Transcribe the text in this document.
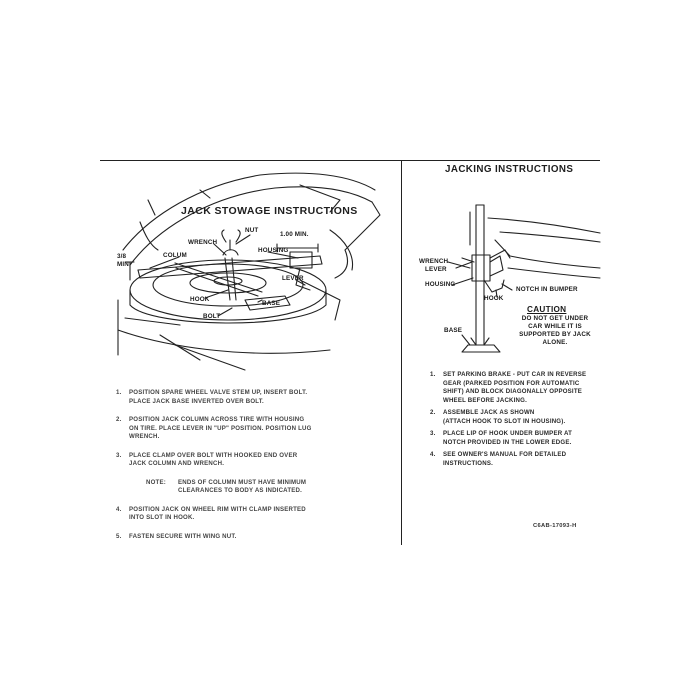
JACK STOWAGE INSTRUCTIONS
NUT
1.00 MIN.
WRENCH
HOUSING
3/8
MIN.
COLUM
LEVER
HOOK
BASE
BOLT
1.	POSITION SPARE WHEEL VALVE STEM UP, INSERT BOLT.
PLACE JACK BASE INVERTED OVER BOLT.
2.	POSITION JACK COLUMN ACROSS TIRE WITH HOUSING
ON TIRE. PLACE LEVER IN "UP" POSITION. POSITION LUG
WRENCH.
3.	PLACE CLAMP OVER BOLT WITH HOOKED END OVER
JACK COLUMN AND WRENCH.
NOTE:	ENDS OF COLUMN MUST HAVE MINIMUM
CLEARANCES TO BODY AS INDICATED.
4.	POSITION JACK ON WHEEL RIM WITH CLAMP INSERTED
INTO SLOT IN HOOK.
5.	FASTEN SECURE WITH WING NUT.
JACKING INSTRUCTIONS
WRENCH
LEVER
HOUSING
NOTCH IN BUMPER
HOOK
BASE
CAUTION
DO NOT GET UNDER
CAR WHILE IT IS
SUPPORTED BY JACK
ALONE.
1.	SET PARKING BRAKE - PUT CAR IN REVERSE
GEAR (PARKED POSITION FOR AUTOMATIC
SHIFT) AND BLOCK DIAGONALLY OPPOSITE
WHEEL BEFORE JACKING.
2.	ASSEMBLE JACK AS SHOWN
(ATTACH HOOK TO SLOT IN HOUSING).
3.	PLACE LIP OF HOOK UNDER BUMPER AT
NOTCH PROVIDED IN THE LOWER EDGE.
4.	SEE OWNER'S MANUAL FOR DETAILED
INSTRUCTIONS.
C6AB-17093-H
